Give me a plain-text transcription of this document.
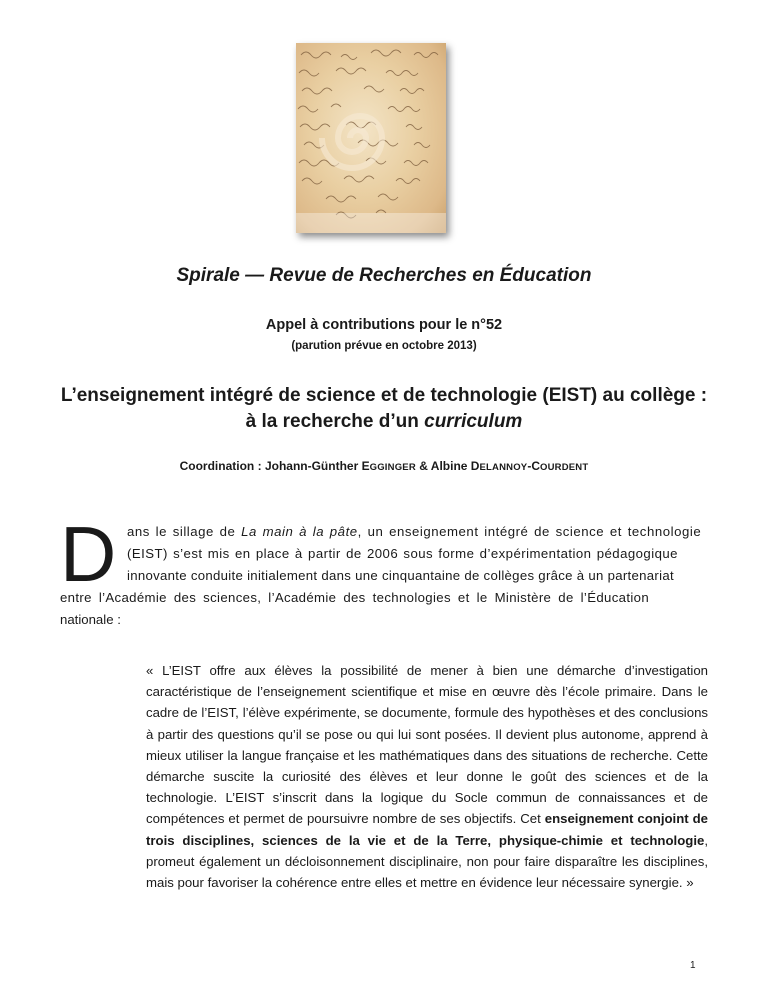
Spirale — Revue de Recherches en Éducation
Appel à contributions pour le n°52
(parution prévue en octobre 2013)
L’enseignement intégré de science et de technologie (EIST) au collège :
à la recherche d’un curriculum
Coordination : Johann-Günther EGGINGER & Albine DELANNOY-COURDENT
D ans le sillage de La main à la pâte, un enseignement intégré de science et technologie
(EIST) s’est mis en place à partir de 2006 sous forme d’expérimentation pédagogique
innovante conduite initialement dans une cinquantaine de collèges grâce à un partenariat
entre l’Académie des sciences, l’Académie des technologies et le Ministère de l’Éducation
nationale :
« L’EIST offre aux élèves la possibilité de mener à bien une démarche d’investigation caractéristique de l’enseignement scientifique et mise en œuvre dès l’école primaire. Dans le cadre de l’EIST, l’élève expérimente, se documente, formule des hypothèses et des conclusions à partir des questions qu’il se pose ou qui lui sont posées. Il devient plus autonome, apprend à mieux utiliser la langue française et les mathématiques dans des situations de recherche. Cette démarche suscite la curiosité des élèves et leur donne le goût des sciences et de la technologie. L’EIST s’inscrit dans la logique du Socle commun de connaissances et de compétences et permet de poursuivre nombre de ses objectifs. Cet enseignement conjoint de trois disciplines, sciences de la vie et de la Terre, physique-chimie et technologie, promeut également un décloisonnement disciplinaire, non pour faire disparaître les disciplines, mais pour favoriser la cohérence entre elles et mettre en évidence leur nécessaire synergie. »
1
